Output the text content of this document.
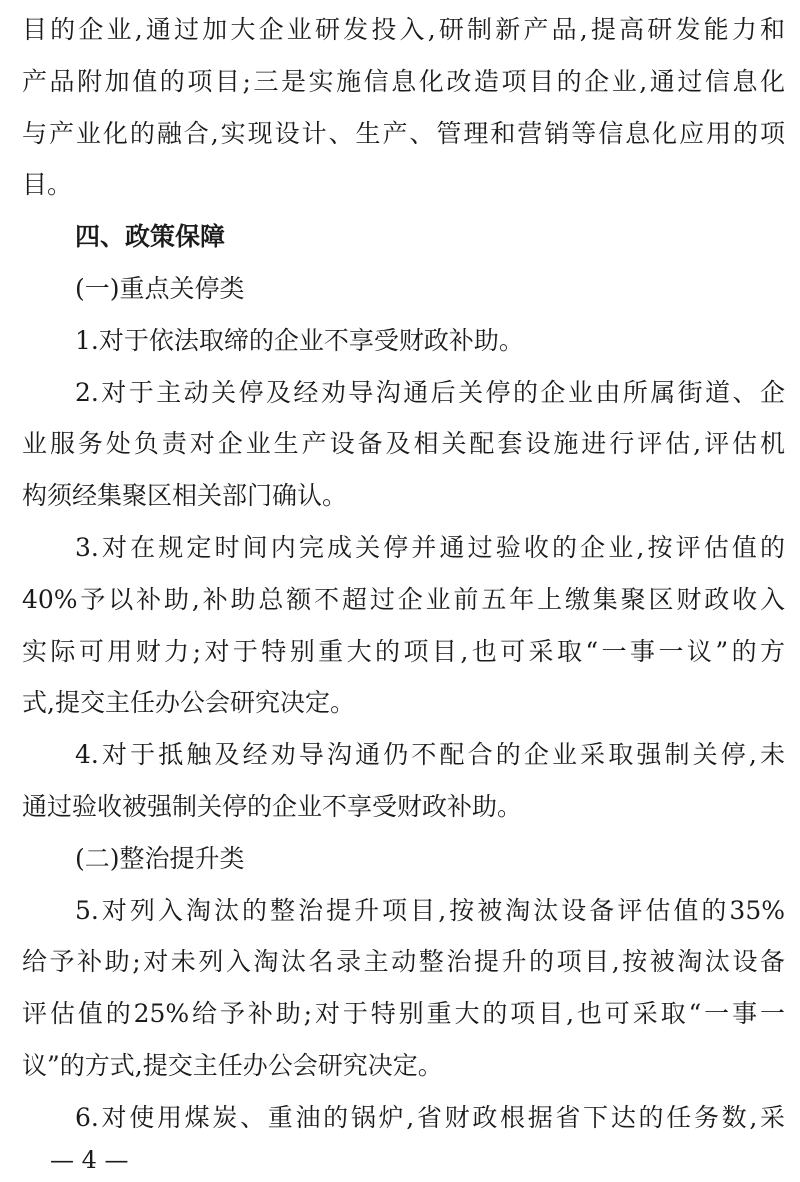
目的企业,通过加大企业研发投入,研制新产品,提高研发能力和
产品附加值的项目;三是实施信息化改造项目的企业,通过信息化
与产业化的融合,实现设计、生产、管理和营销等信息化应用的项
目。
四、政策保障
(一)重点关停类
1.对于依法取缔的企业不享受财政补助。
2.对于主动关停及经劝导沟通后关停的企业由所属街道、企
业服务处负责对企业生产设备及相关配套设施进行评估,评估机
构须经集聚区相关部门确认。
3.对在规定时间内完成关停并通过验收的企业,按评估值的
40%予以补助,补助总额不超过企业前五年上缴集聚区财政收入
实际可用财力;对于特别重大的项目,也可采取“一事一议”的方
式,提交主任办公会研究决定。
4.对于抵触及经劝导沟通仍不配合的企业采取强制关停,未
通过验收被强制关停的企业不享受财政补助。
(二)整治提升类
5.对列入淘汰的整治提升项目,按被淘汰设备评估值的35%
给予补助;对未列入淘汰名录主动整治提升的项目,按被淘汰设备
评估值的25%给予补助;对于特别重大的项目,也可采取“一事一
议”的方式,提交主任办公会研究决定。
6.对使用煤炭、重油的锅炉,省财政根据省下达的任务数,采
— 4 —
